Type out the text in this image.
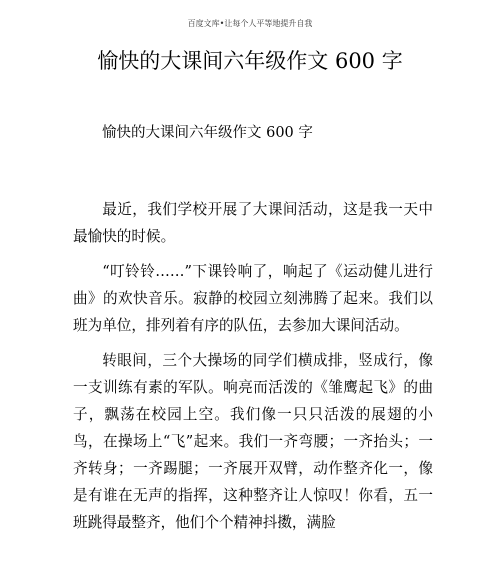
百度文库•让每个人平等地提升自我
愉快的大课间六年级作文 600 字
愉快的大课间六年级作文 600 字

最近，我们学校开展了大课间活动，这是我一天中最愉快的时候。

“叮铃铃……”下课铃响了，响起了《运动健儿进行曲》的欢快音乐。寂静的校园立刻沸腾了起来。我们以班为单位，排列着有序的队伍，去参加大课间活动。

转眼间，三个大操场的同学们横成排，竖成行，像一支训练有素的军队。响亮而活泼的《雏鹰起飞》的曲子，飘荡在校园上空。我们像一只只活泼的展翅的小鸟，在操场上“飞”起来。我们一齐弯腰；一齐抬头；一齐转身；一齐踢腿；一齐展开双臂，动作整齐化一，像是有谁在无声的指挥，这种整齐让人惊叹！你看，五一班跳得最整齐，他们个个精神抖擞，满脸
